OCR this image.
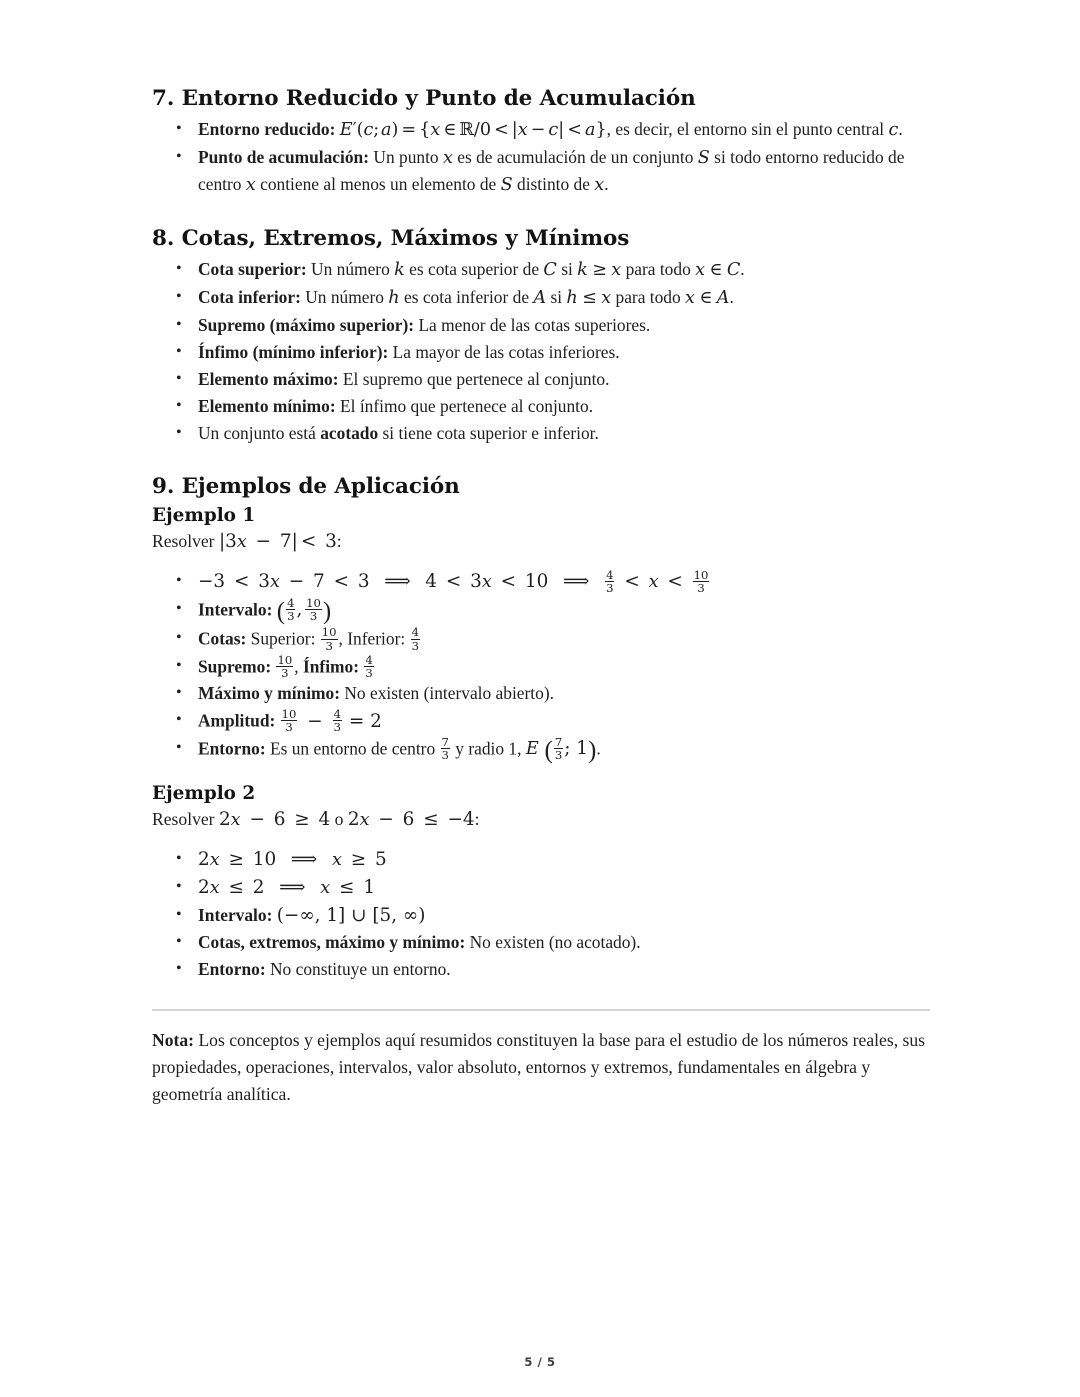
7. Entorno Reducido y Punto de Acumulación
• Entorno reducido: E′(c; a) = {x ∈ ℝ/0 < |x − c| < a}, es decir, el entorno sin el punto central c.
• Punto de acumulación: Un punto x es de acumulación de un conjunto S si todo entorno reducido de centro x contiene al menos un elemento de S distinto de x.
8. Cotas, Extremos, Máximos y Mínimos
• Cota superior: Un número k es cota superior de C si k ≥ x para todo x ∈ C.
• Cota inferior: Un número h es cota inferior de A si h ≤ x para todo x ∈ A.
• Supremo (máximo superior): La menor de las cotas superiores.
• Ínfimo (mínimo inferior): La mayor de las cotas inferiores.
• Elemento máximo: El supremo que pertenece al conjunto.
• Elemento mínimo: El ínfimo que pertenece al conjunto.
• Un conjunto está acotado si tiene cota superior e inferior.
9. Ejemplos de Aplicación
Ejemplo 1

Resolver |3x − 7| < 3:

• −3 < 3x − 7 < 3  ⟹  4 < 3x < 10  ⟹ $\frac{4}{3} < x < \frac{10}{3}$
• Intervalo: ( $\frac{4}{3}$ ,  $\frac{10}{3}$ )
• Cotas: Superior: $\frac{10}{3}$ , Inferior: $\frac{4}{3}$
• Supremo: $\frac{10}{3}$ , Ínfimo: $\frac{4}{3}$
• Máximo y mínimo: No existen (intervalo abierto).
• Amplitud: $\frac{10}{3} - \frac{4}{3} = 2$
• Entorno: Es un entorno de centro $\frac{7}{3}$ y radio 1, E ( $\frac{7}{3}$ ; 1).
Ejemplo 2

Resolver 2x − 6 ≥ 4 o 2x − 6 ≤ −4:

• 2x ≥ 10  ⟹  x ≥ 5
• 2x ≤ 2  ⟹  x ≤ 1
• Intervalo: (−∞, 1] ∪ [5, ∞)
• Cotas, extremos, máximo y mínimo: No existen (no acotado).
• Entorno: No constituye un entorno.

Nota: Los conceptos y ejemplos aquí resumidos constituyen la base para el estudio de los números reales, sus propiedades, operaciones, intervalos, valor absoluto, entornos y extremos, fundamentales en álgebra y geometría analítica.

5 / 5
